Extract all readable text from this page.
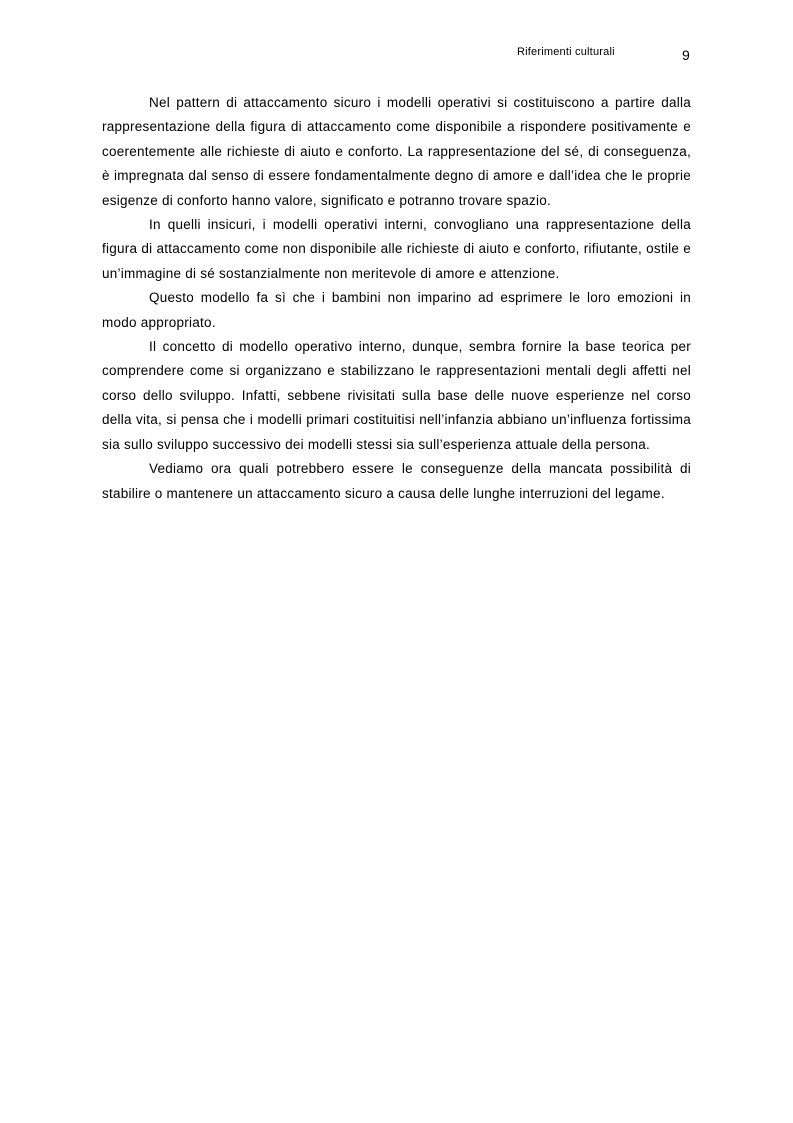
Riferimenti culturali	9

Nel pattern di attaccamento sicuro i modelli operativi si costituiscono a partire dalla rappresentazione della figura di attaccamento come disponibile a rispondere positivamente e coerentemente alle richieste di aiuto e conforto. La rappresentazione del sé, di conseguenza, è impregnata dal senso di essere fondamentalmente degno di amore e dall’idea che le proprie esigenze di conforto hanno valore, significato e potranno trovare spazio.

In quelli insicuri, i modelli operativi interni, convogliano una rappresentazione della figura di attaccamento come non disponibile alle richieste di aiuto e conforto, rifiutante, ostile e un’immagine di sé sostanzialmente non meritevole di amore e attenzione.

Questo modello fa sì che i bambini non imparino ad esprimere le loro emozioni in modo appropriato.

Il concetto di modello operativo interno, dunque, sembra fornire la base teorica per comprendere come si organizzano e stabilizzano le rappresentazioni mentali degli affetti nel corso dello sviluppo. Infatti, sebbene rivisitati sulla base delle nuove esperienze nel corso della vita, si pensa che i modelli primari costituitisi nell’infanzia abbiano un’influenza fortissima sia sullo sviluppo successivo dei modelli stessi sia sull’esperienza attuale della persona.

Vediamo ora quali potrebbero essere le conseguenze della mancata possibilità di stabilire o mantenere un attaccamento sicuro a causa delle lunghe interruzioni del legame.
